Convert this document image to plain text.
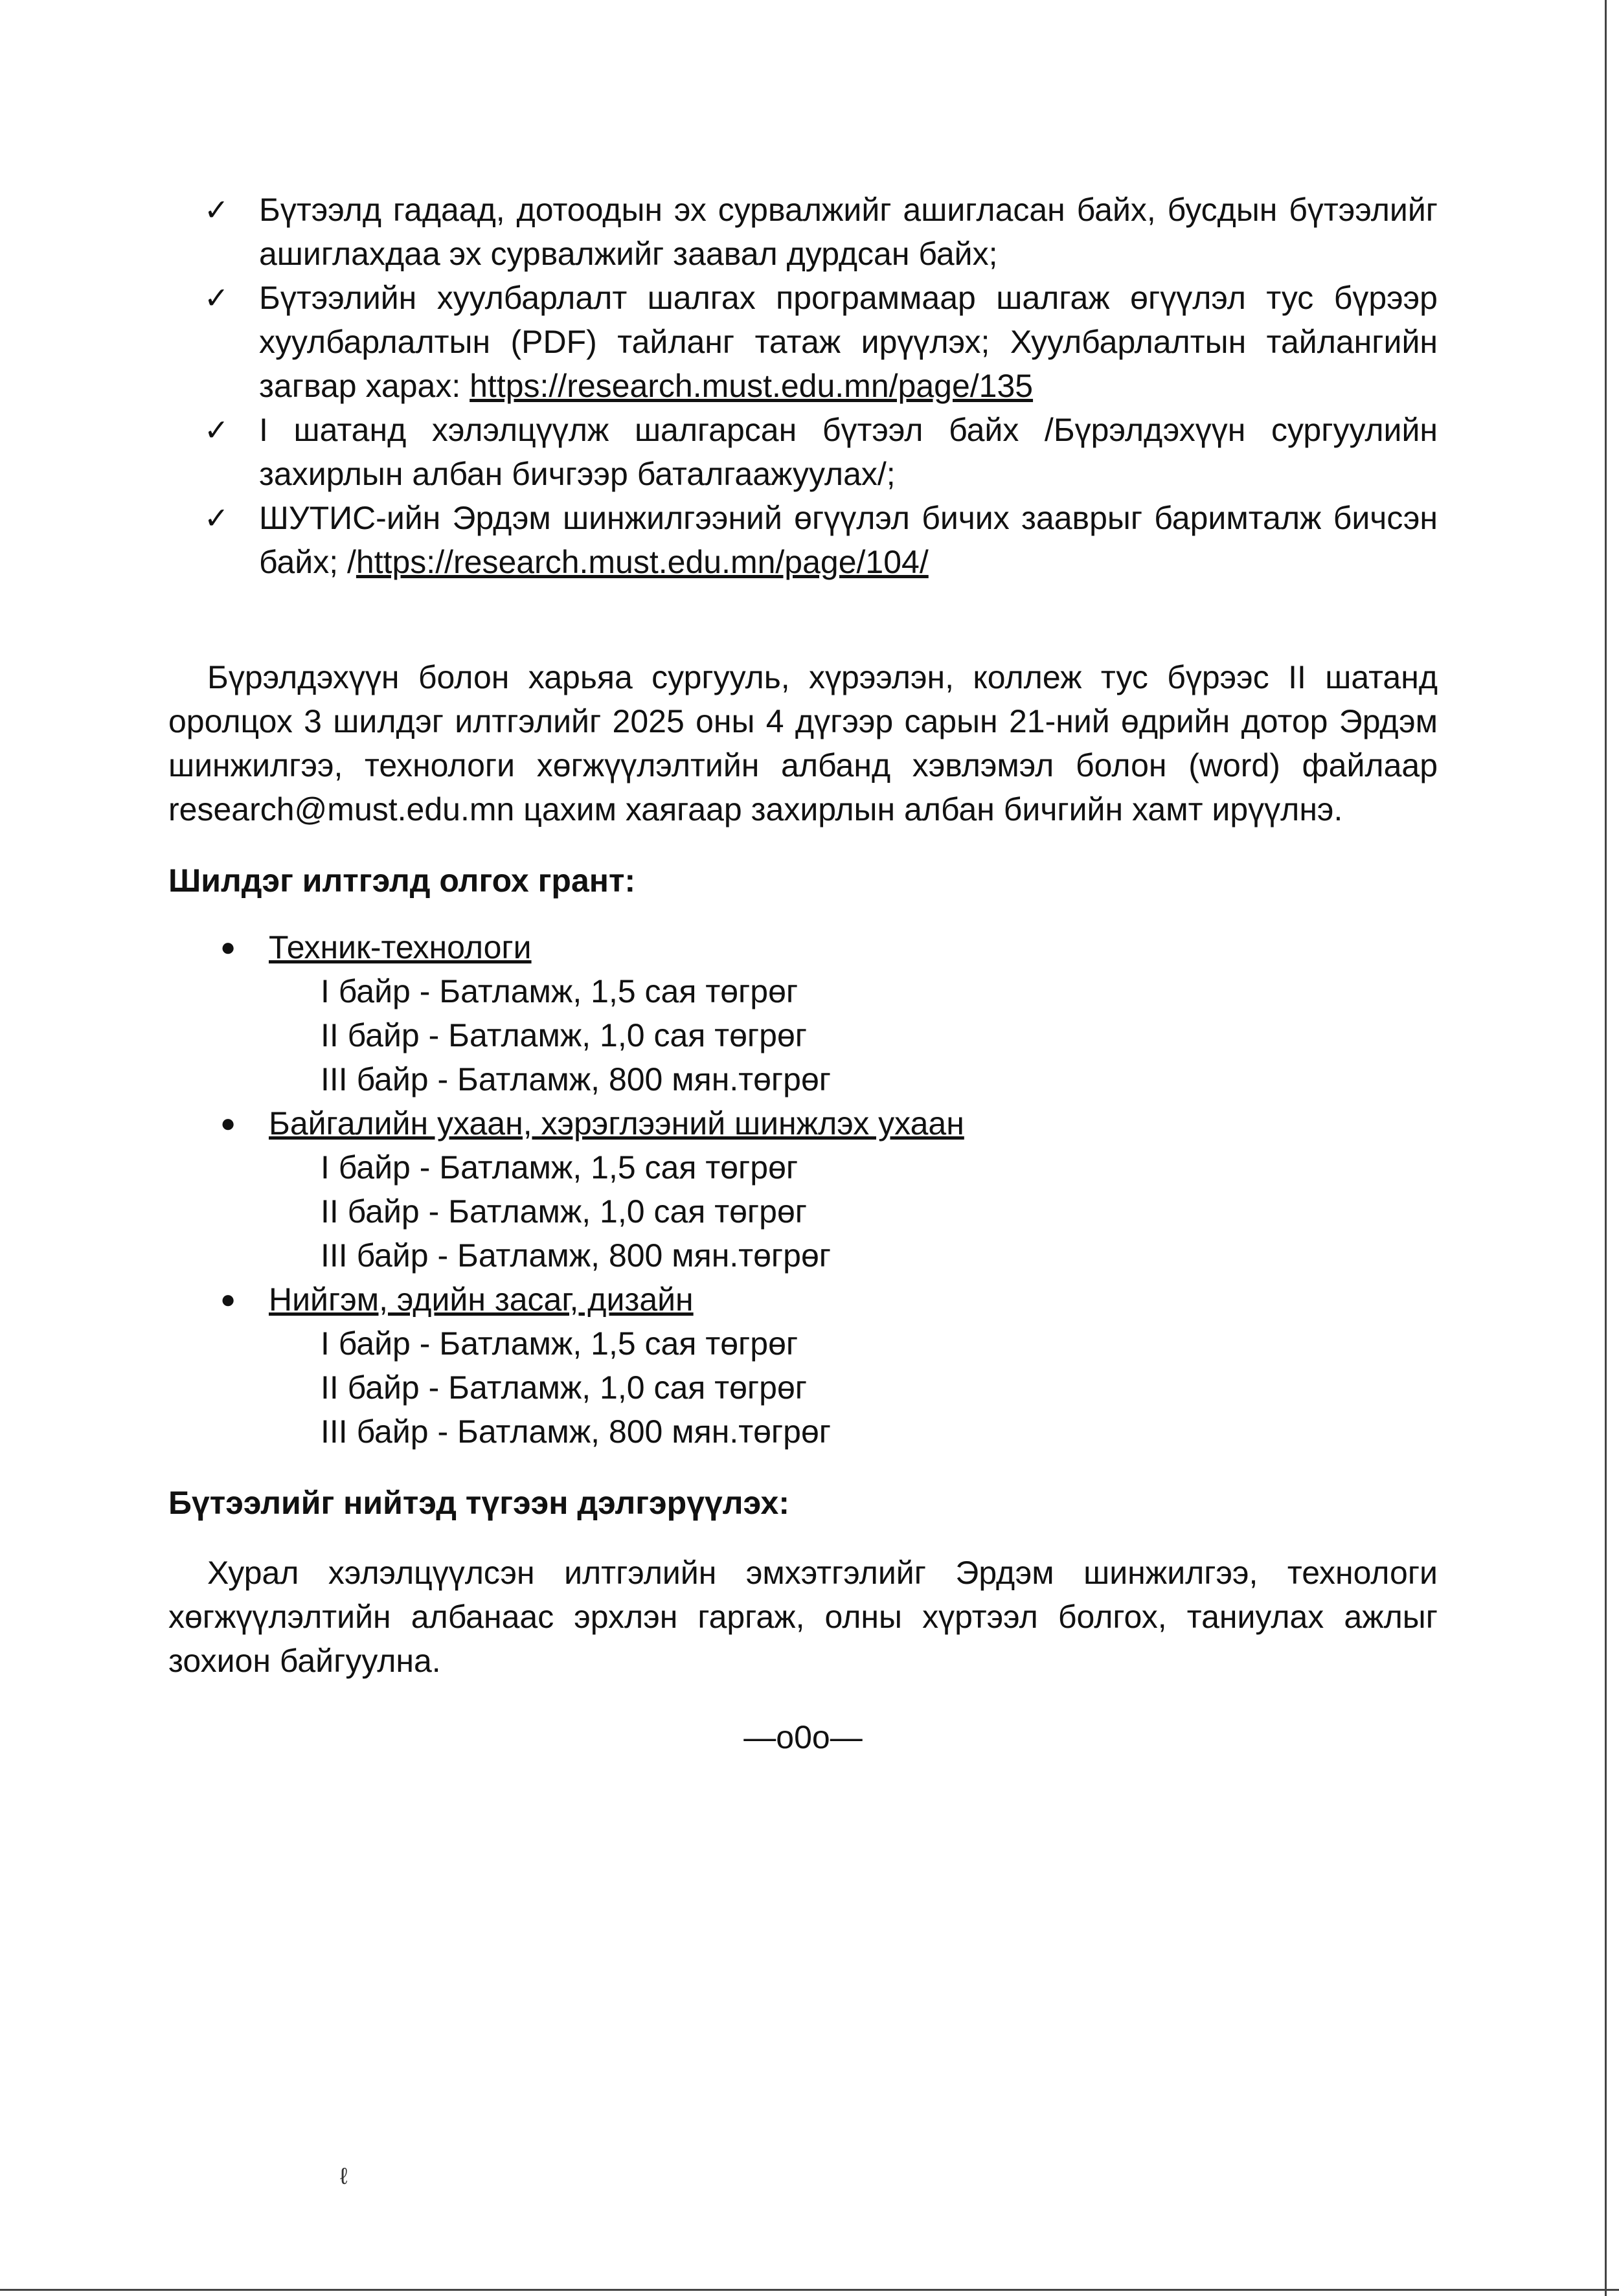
✓ Бүтээлд гадаад, дотоодын эх сурвалжийг ашигласан байх, бусдын бүтээлийг ашиглахдаа эх сурвалжийг заавал дурдсан байх;
✓ Бүтээлийн хуулбарлалт шалгах программаар шалгаж өгүүлэл тус бүрээр хуулбарлалтын (PDF) тайланг татаж ирүүлэх; Хуулбарлалтын тайлангийн загвар харах: https://research.must.edu.mn/page/135
✓ I шатанд хэлэлцүүлж шалгарсан бүтээл байх /Бүрэлдэхүүн сургуулийн захирлын албан бичгээр баталгаажуулах/;
✓ ШУТИС-ийн Эрдэм шинжилгээний өгүүлэл бичих заавры​г баримталж бичсэн байх; /https://research.must.edu.mn/page/104/

Бүрэлдэхүүн болон харьяа сургууль, хүрээлэн, коллеж тус бүрээс II шатанд оролцох 3 шилдэг илтгэлийг 2025 оны 4 дүгээр сарын 21-ний өдрийн дотор Эрдэм шинжилгээ, технологи хөгжүүлэлтийн албанд хэвлэмэл болон (word) файлаар research@must.edu.mn цахим хаягаар захирлын албан бичгийн хамт ирүүлнэ.

Шилдэг илтгэлд олгох грант:

● Техник-технологи
I байр - Батламж, 1,5 сая төгрөг
II байр - Батламж, 1,0 сая төгрөг
III байр - Батламж, 800 мян.төгрөг
● Байгалийн ухаан, хэрэглээний шинжлэх ухаан
I байр - Батламж, 1,5 сая төгрөг
II байр - Батламж, 1,0 сая төгрөг
III байр - Батламж, 800 мян.төгрөг
● Нийгэм, эдийн засаг, дизайн
I байр - Батламж, 1,5 сая төгрөг
II байр - Батламж, 1,0 сая төгрөг
III байр - Батламж, 800 мян.төгрөг

Бүтээлийг нийтэд түгээн дэлгэрүүлэх:

Хурал хэлэлцүүлсэн илтгэлийн эмхэтгэлийг Эрдэм шинжилгээ, технологи хөгжүүлэлтийн албанаас эрхлэн гаргаж, олны хүртээл болгох, таниулах ажлыг зохион байгуулна.

—o0o—

ℓ
